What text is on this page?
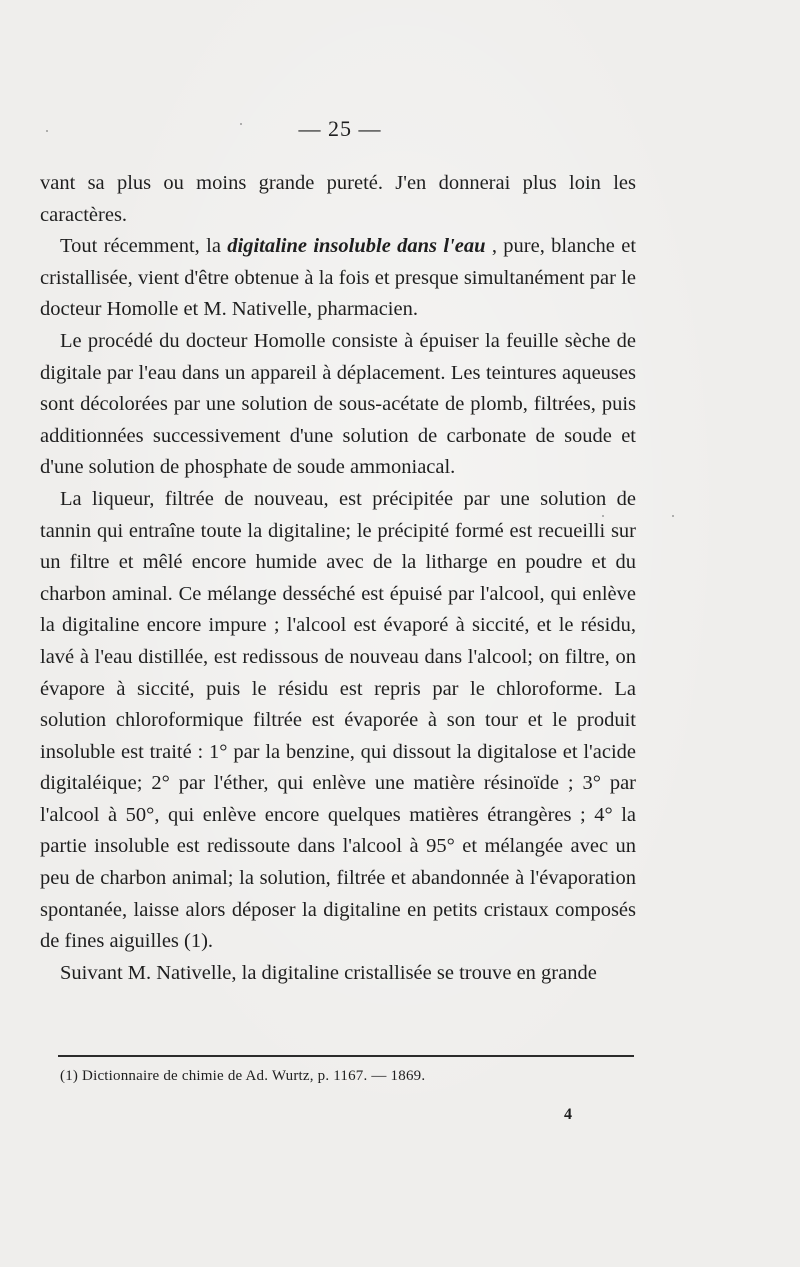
— 25 —

vant sa plus ou moins grande pureté. J'en donnerai plus loin les caractères.

Tout récemment, la digitaline insoluble dans l'eau , pure, blanche et cristallisée, vient d'être obtenue à la fois et presque simultanément par le docteur Homolle et M. Nativelle, pharmacien.

Le procédé du docteur Homolle consiste à épuiser la feuille sèche de digitale par l'eau dans un appareil à déplacement. Les teintures aqueuses sont décolorées par une solution de sous-acétate de plomb, filtrées, puis additionnées successivement d'une solution de carbonate de soude et d'une solution de phosphate de soude ammoniacal.

La liqueur, filtrée de nouveau, est précipitée par une solution de tannin qui entraîne toute la digitaline; le précipité formé est recueilli sur un filtre et mêlé encore humide avec de la litharge en poudre et du charbon aminal. Ce mélange desséché est épuisé par l'alcool, qui enlève la digitaline encore impure ; l'alcool est évaporé à siccité, et le résidu, lavé à l'eau distillée, est redissous de nouveau dans l'alcool; on filtre, on évapore à siccité, puis le résidu est repris par le chloroforme. La solution chloroformique filtrée est évaporée à son tour et le produit insoluble est traité : 1° par la benzine, qui dissout la digitalose et l'acide digitaléique; 2° par l'éther, qui enlève une matière résinoïde ; 3° par l'alcool à 50°, qui enlève encore quelques matières étrangères ; 4° la partie insoluble est redissoute dans l'alcool à 95° et mélangée avec un peu de charbon animal; la solution, filtrée et abandonnée à l'évaporation spontanée, laisse alors déposer la digitaline en petits cristaux composés de fines aiguilles (1).

Suivant M. Nativelle, la digitaline cristallisée se trouve en grande

(1) Dictionnaire de chimie de Ad. Wurtz, p. 1167. — 1869.
4
